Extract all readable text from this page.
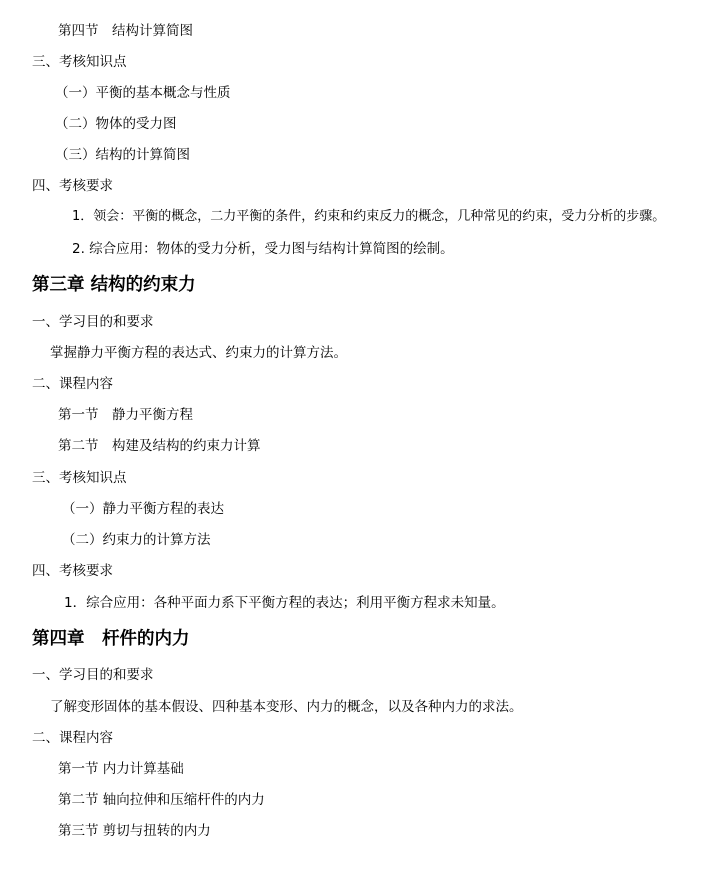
第四节　结构计算简图
三、考核知识点
（一）平衡的基本概念与性质
（二）物体的受力图
（三）结构的计算简图
四、考核要求
1．领会：平衡的概念，二力平衡的条件，约束和约束反力的概念，几种常见的约束，受力分析的步骤。
2. 综合应用：物体的受力分析，受力图与结构计算简图的绘制。
第三章 结构的约束力
一、学习目的和要求
掌握静力平衡方程的表达式、约束力的计算方法。
二、课程内容
第一节　静力平衡方程
第二节　构建及结构的约束力计算
三、考核知识点
（一）静力平衡方程的表达
（二）约束力的计算方法
四、考核要求
1．综合应用：各种平面力系下平衡方程的表达；利用平衡方程求未知量。
第四章　杆件的内力
一、学习目的和要求
了解变形固体的基本假设、四种基本变形、内力的概念，以及各种内力的求法。
二、课程内容
第一节 内力计算基础
第二节 轴向拉伸和压缩杆件的内力
第三节 剪切与扭转的内力
